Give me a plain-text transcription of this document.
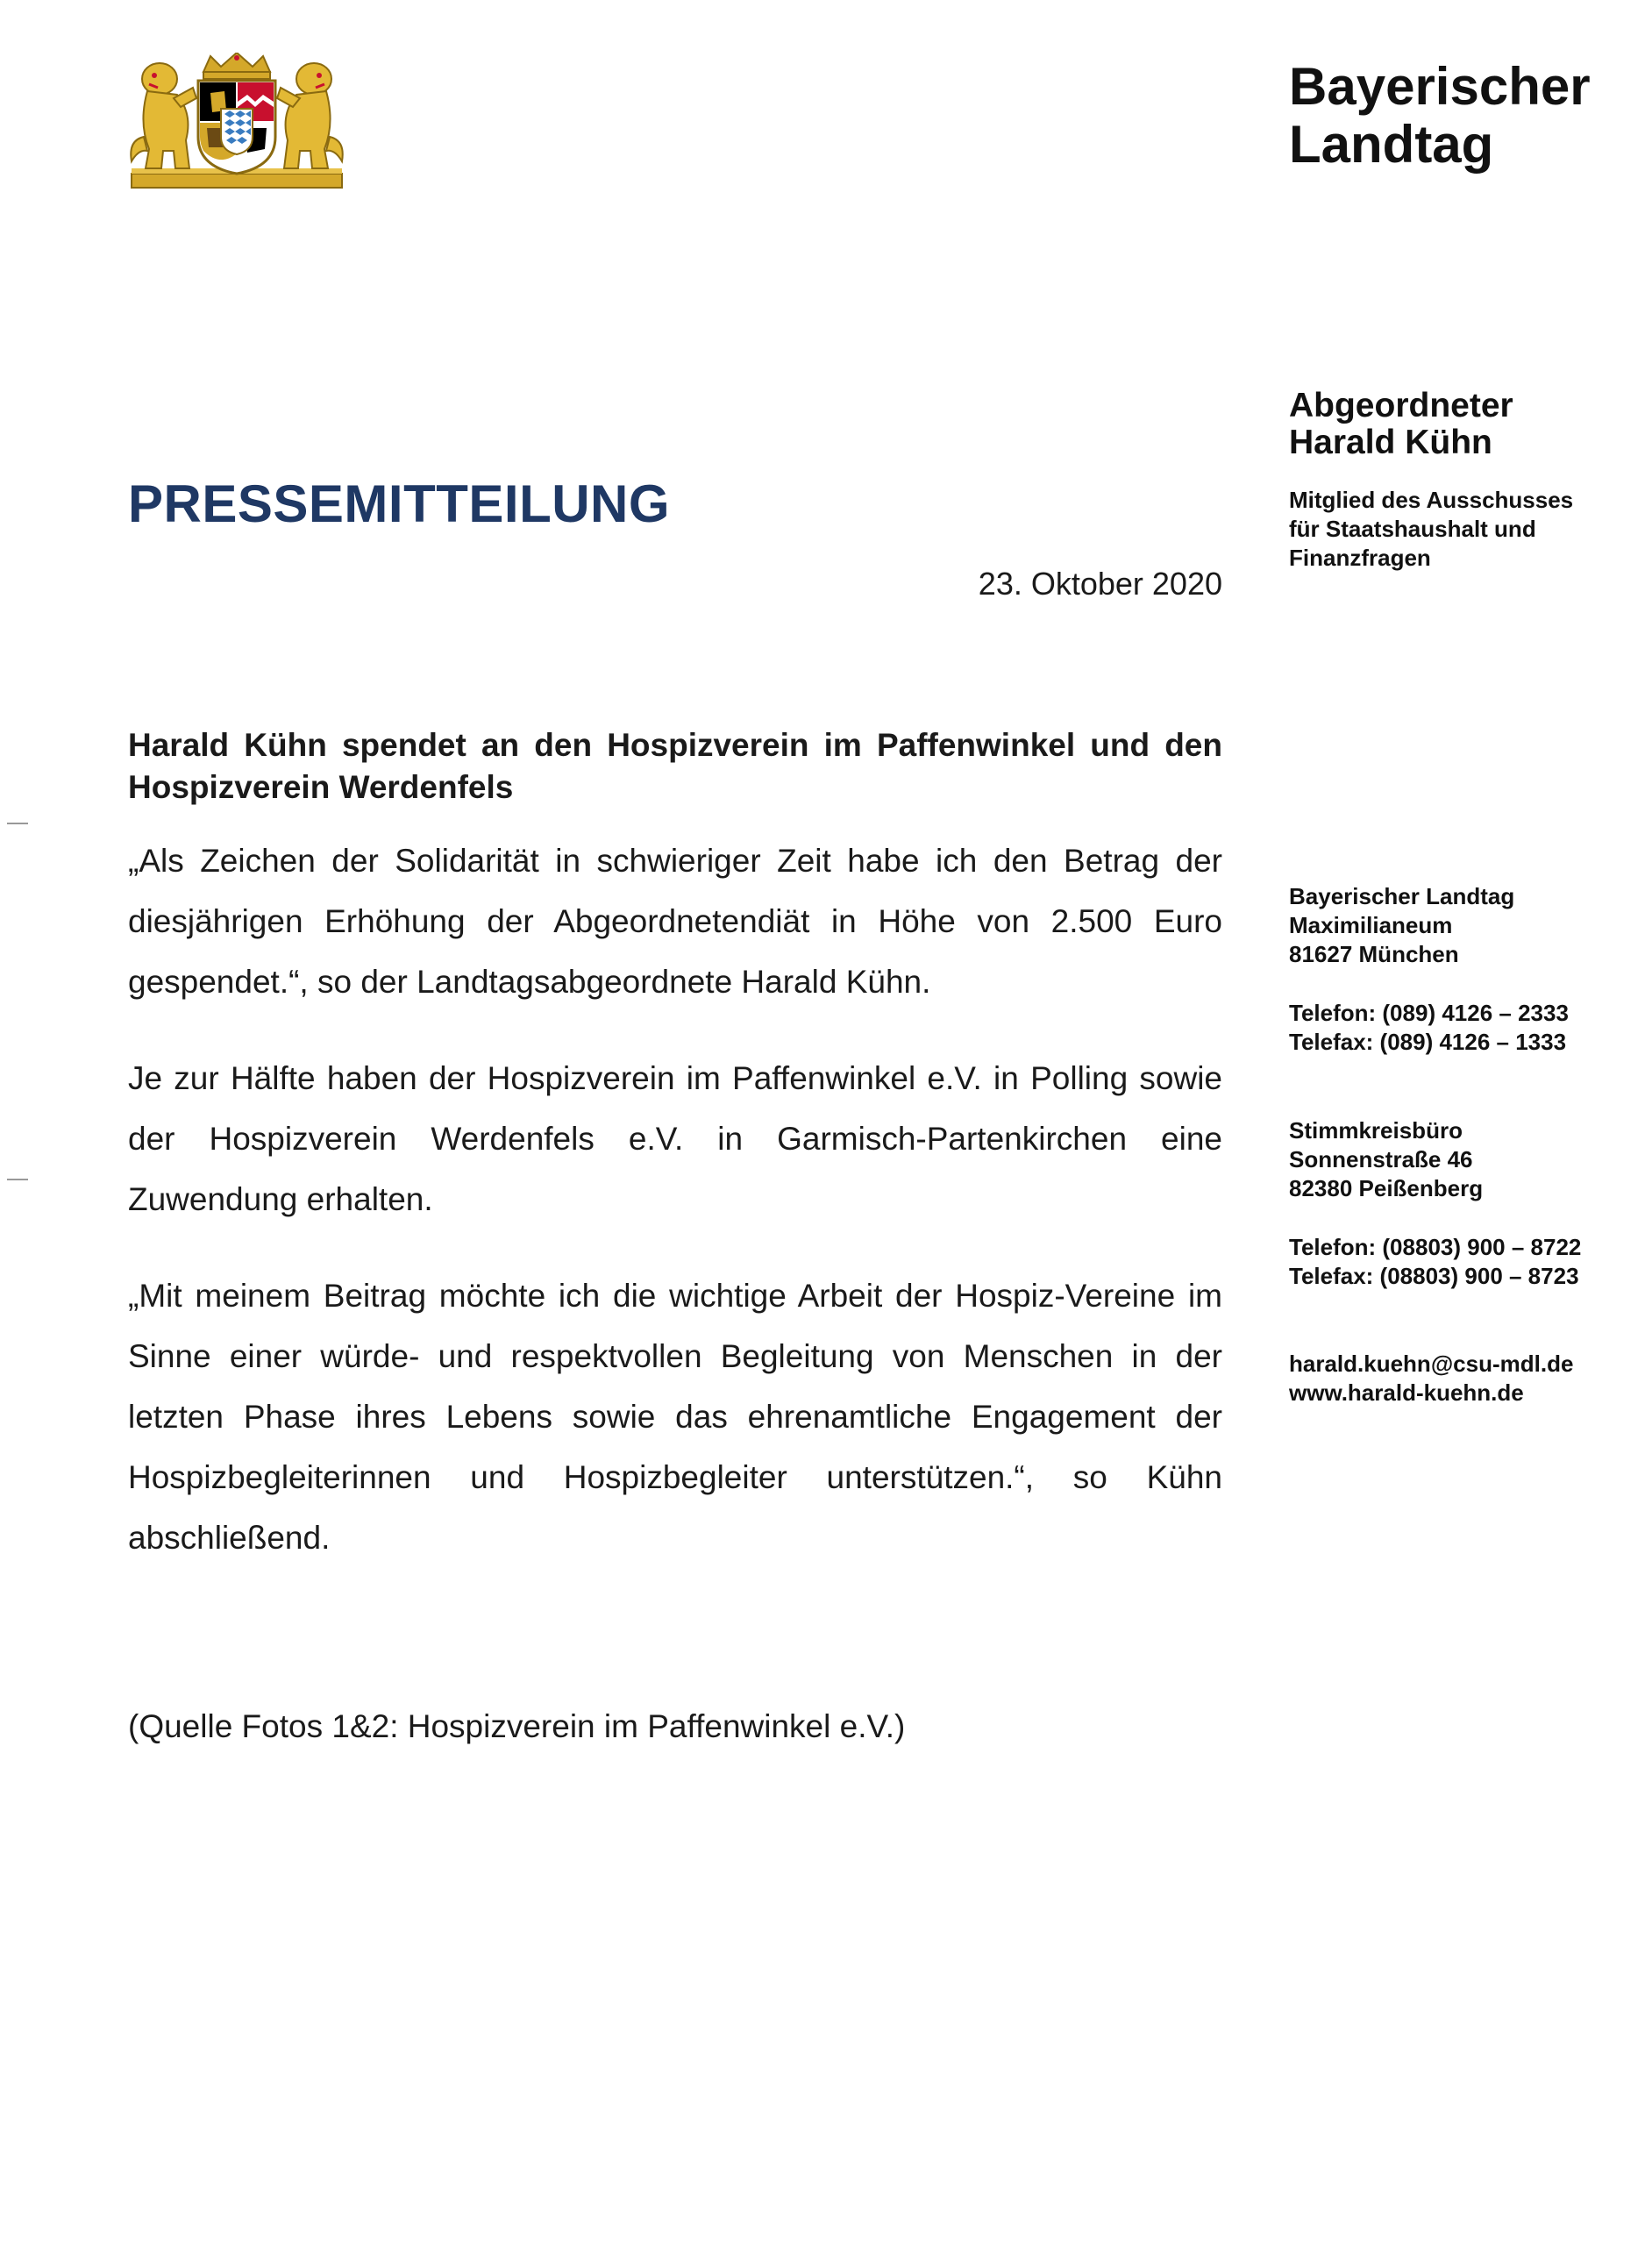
Bayerischer
Landtag
Abgeordneter
Harald Kühn
Mitglied des Ausschusses
für Staatshaushalt und
Finanzfragen
PRESSEMITTEILUNG
23. Oktober 2020
Harald Kühn spendet an den Hospizverein im Paffenwinkel und den Hospizverein Werdenfels
„Als Zeichen der Solidarität in schwieriger Zeit habe ich den Betrag der diesjährigen Erhöhung der Abgeordnetendiät in Höhe von 2.500 Euro gespendet.“, so der Landtagsabgeordnete Harald Kühn.
Je zur Hälfte haben der Hospizverein im Paffenwinkel e.V. in Polling sowie der Hospizverein Werdenfels e.V. in Garmisch-Partenkirchen eine Zuwendung erhalten.
„Mit meinem Beitrag möchte ich die wichtige Arbeit der Hospiz-Vereine im Sinne einer würde- und respektvollen Begleitung von Menschen in der letzten Phase ihres Lebens sowie das ehrenamtliche Engagement der Hospizbegleiterinnen und Hospizbegleiter unterstützen.“, so Kühn abschließend.
(Quelle Fotos 1&2: Hospizverein im Paffenwinkel e.V.)
Bayerischer Landtag
Maximilianeum
81627 München
Telefon: (089) 4126 – 2333
Telefax: (089) 4126 – 1333
Stimmkreisbüro
Sonnenstraße 46
82380 Peißenberg
Telefon: (08803) 900 – 8722
Telefax: (08803) 900 – 8723
harald.kuehn@csu-mdl.de
www.harald-kuehn.de
